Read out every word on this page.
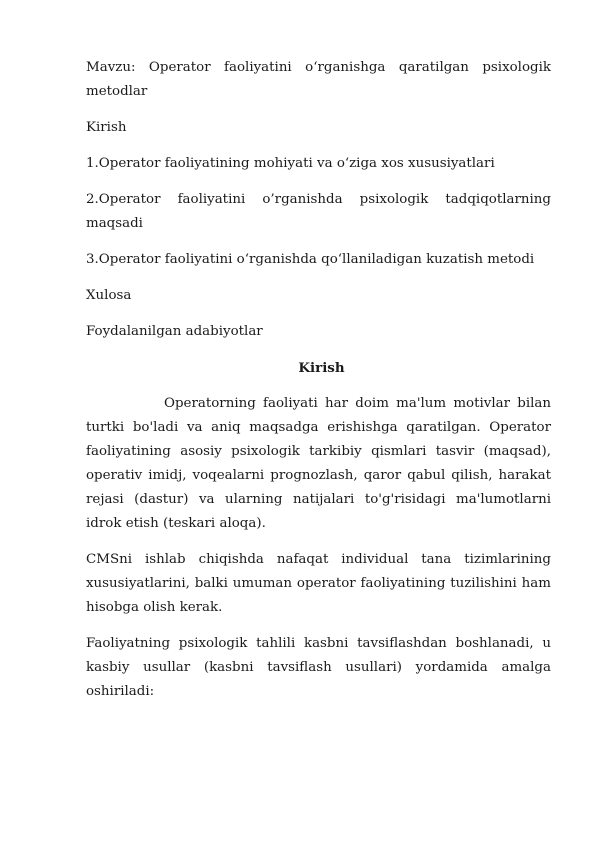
Mavzu: Operator faoliyatini o‘rganishga qaratilgan psixologik metodlar

Kirish

1.Operator faoliyatining mohiyati va o‘ziga xos xususiyatlari

2.Operator faoliyatini o’rganishda psixologik tadqiqotlarning maqsadi

3.Operator faoliyatini o‘rganishda qo‘llaniladigan kuzatish metodi

Xulosa

Foydalanilgan adabiyotlar

Kirish

Operatorning faoliyati har doim ma'lum motivlar bilan turtki bo'ladi va aniq maqsadga erishishga qaratilgan. Operator faoliyatining asosiy psixologik tarkibiy qismlari tasvir (maqsad), operativ imidj, voqealarni prognozlash, qaror qabul qilish, harakat rejasi (dastur) va ularning natijalari to'g'risidagi ma'lumotlarni idrok etish (teskari aloqa).

CMSni ishlab chiqishda nafaqat individual tana tizimlarining xususiyatlarini, balki umuman operator faoliyatining tuzilishini ham hisobga olish kerak.

Faoliyatning psixologik tahlili kasbni tavsiflashdan boshlanadi, u kasbiy usullar (kasbni tavsiflash usullari) yordamida amalga oshiriladi:
